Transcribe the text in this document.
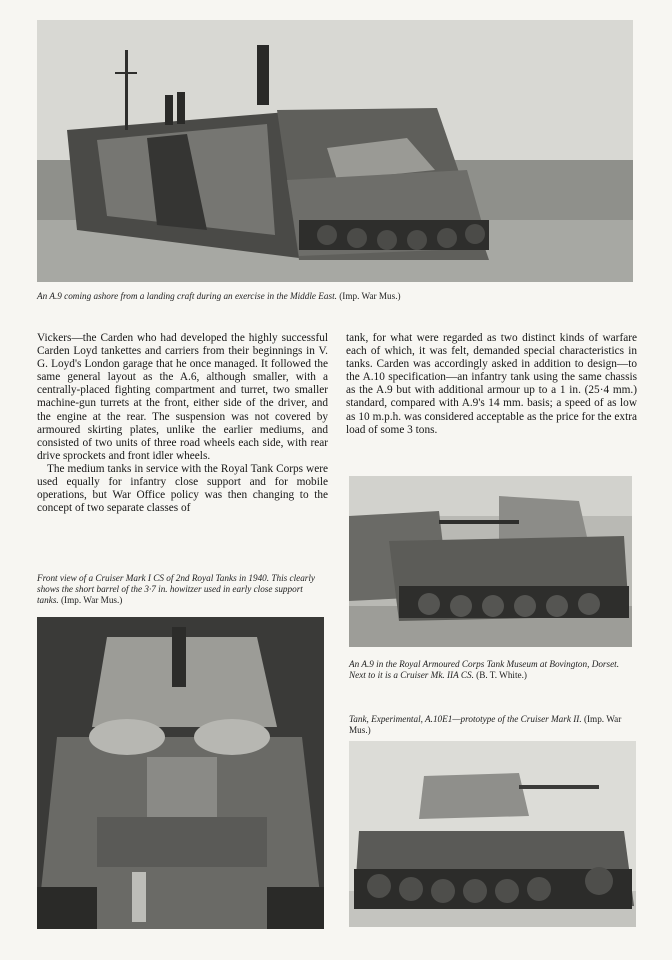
An A.9 coming ashore from a landing craft during an exercise in the Middle East. (Imp. War Mus.)

Vickers—the Carden who had developed the highly successful Carden Loyd tankettes and carriers from their beginnings in V. G. Loyd's London garage that he once managed. It followed the same general layout as the A.6, although smaller, with a centrally-placed fighting compartment and turret, two smaller machine-gun turrets at the front, either side of the driver, and the engine at the rear. The suspension was not covered by armoured skirting plates, unlike the earlier mediums, and consisted of two units of three road wheels each side, with rear drive sprockets and front idler wheels.

The medium tanks in service with the Royal Tank Corps were used equally for infantry close support and for mobile operations, but War Office policy was then changing to the concept of two separate classes of

tank, for what were regarded as two distinct kinds of warfare each of which, it was felt, demanded special characteristics in tanks. Carden was accordingly asked in addition to design—to the A.10 specification—an infantry tank using the same chassis as the A.9 but with additional armour up to a 1 in. (25·4 mm.) standard, compared with A.9's 14 mm. basis; a speed of as low as 10 m.p.h. was considered acceptable as the price for the extra load of some 3 tons.

Front view of a Cruiser Mark I CS of 2nd Royal Tanks in 1940. This clearly shows the short barrel of the 3·7 in. howitzer used in early close support tanks. (Imp. War Mus.)
An A.9 in the Royal Armoured Corps Tank Museum at Bovington, Dorset. Next to it is a Cruiser Mk. IIA CS. (B. T. White.)
Tank, Experimental, A.10E1—prototype of the Cruiser Mark II. (Imp. War Mus.)
